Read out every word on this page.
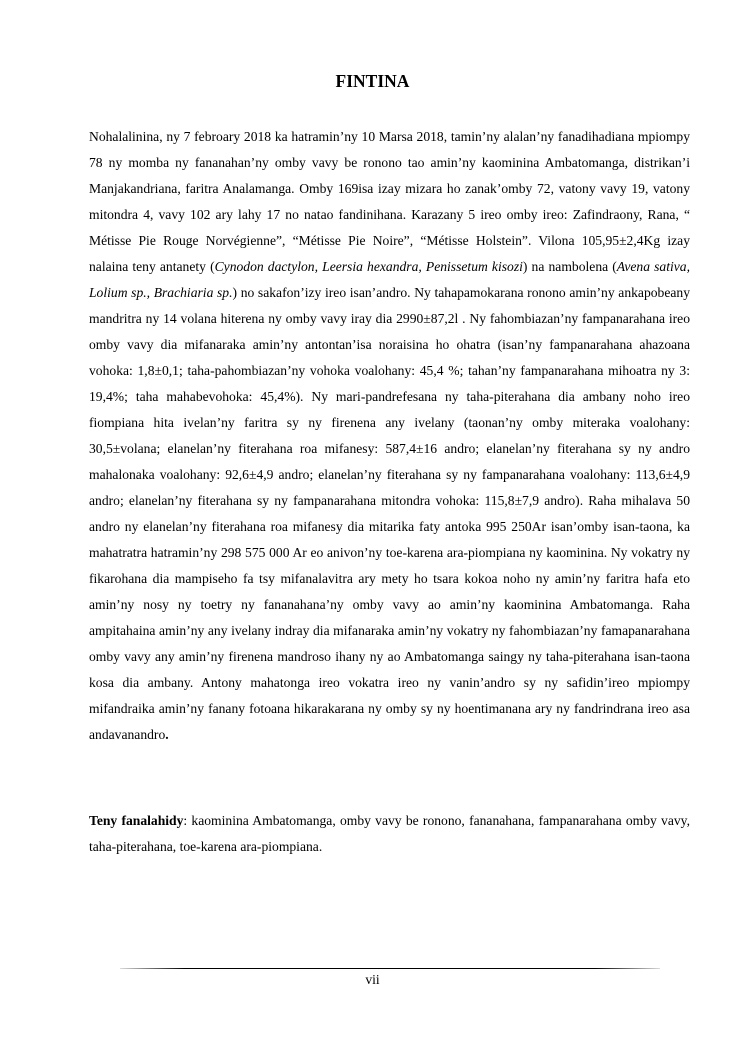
FINTINA

Nohalalinina, ny 7 febroary 2018 ka hatramin’ny 10 Marsa 2018, tamin’ny alalan’ny fanadihadiana mpiompy 78 ny momba ny fananahan’ny omby vavy be ronono tao amin’ny kaominina Ambatomanga, distrikan’i Manjakandriana, faritra Analamanga. Omby 169isa izay mizara ho zanak’omby 72, vatony vavy 19, vatony mitondra 4, vavy 102 ary lahy 17 no natao fandinihana. Karazany 5 ireo omby ireo: Zafindraony, Rana, “ Métisse Pie Rouge Norvégienne”, “Métisse Pie Noire”, “Métisse Holstein”. Vilona 105,95±2,4Kg izay nalaina teny antanety (Cynodon dactylon, Leersia hexandra, Penissetum kisozi) na nambolena (Avena sativa, Lolium sp., Brachiaria sp.) no sakafon’izy ireo isan’andro. Ny tahapamokarana ronono amin’ny ankapobeany mandritra ny 14 volana hiterena ny omby vavy iray dia 2990±87,2l . Ny fahombiazan’ny fampanarahana ireo omby vavy dia mifanaraka amin’ny antontan’isa noraisina ho ohatra (isan’ny fampanarahana ahazoana vohoka: 1,8±0,1; taha-pahombiazan’ny vohoka voalohany: 45,4 %; tahan’ny fampanarahana mihoatra ny 3: 19,4%; taha mahabevohoka: 45,4%). Ny mari-pandrefesana ny taha-piterahana dia ambany noho ireo fiompiana hita ivelan’ny faritra sy ny firenena any ivelany (taonan’ny omby miteraka voalohany: 30,5±volana; elanelan’ny fiterahana roa mifanesy: 587,4±16 andro; elanelan’ny fiterahana sy ny andro mahalonaka voalohany: 92,6±4,9 andro; elanelan’ny fiterahana sy ny fampanarahana voalohany: 113,6±4,9 andro; elanelan’ny fiterahana sy ny fampanarahana mitondra vohoka: 115,8±7,9 andro). Raha mihalava 50 andro ny elanelan’ny fiterahana roa mifanesy dia mitarika faty antoka 995 250Ar isan’omby isan-taona, ka mahatratra hatramin’ny 298 575 000 Ar eo anivon’ny toe-karena ara-piompiana ny kaominina. Ny vokatry ny fikarohana dia mampiseho fa tsy mifanalavitra ary mety ho tsara kokoa noho ny amin’ny faritra hafa eto amin’ny nosy ny toetry ny fananahana’ny omby vavy ao amin’ny kaominina Ambatomanga. Raha ampitahaina amin’ny any ivelany indray dia mifanaraka amin’ny vokatry ny fahombiazan’ny famapanarahana omby vavy any amin’ny firenena mandroso ihany ny ao Ambatomanga saingy ny taha-piterahana isan-taona kosa dia ambany. Antony mahatonga ireo vokatra ireo ny vanin’andro sy ny safidin’ireo mpiompy mifandraika amin’ny fanany fotoana hikarakarana ny omby sy ny hoentimanana ary ny fandrindrana ireo asa andavanandro.

Teny fanalahidy: kaominina Ambatomanga, omby vavy be ronono, fananahana, fampanarahana omby vavy, taha-piterahana, toe-karena ara-piompiana.

vii
